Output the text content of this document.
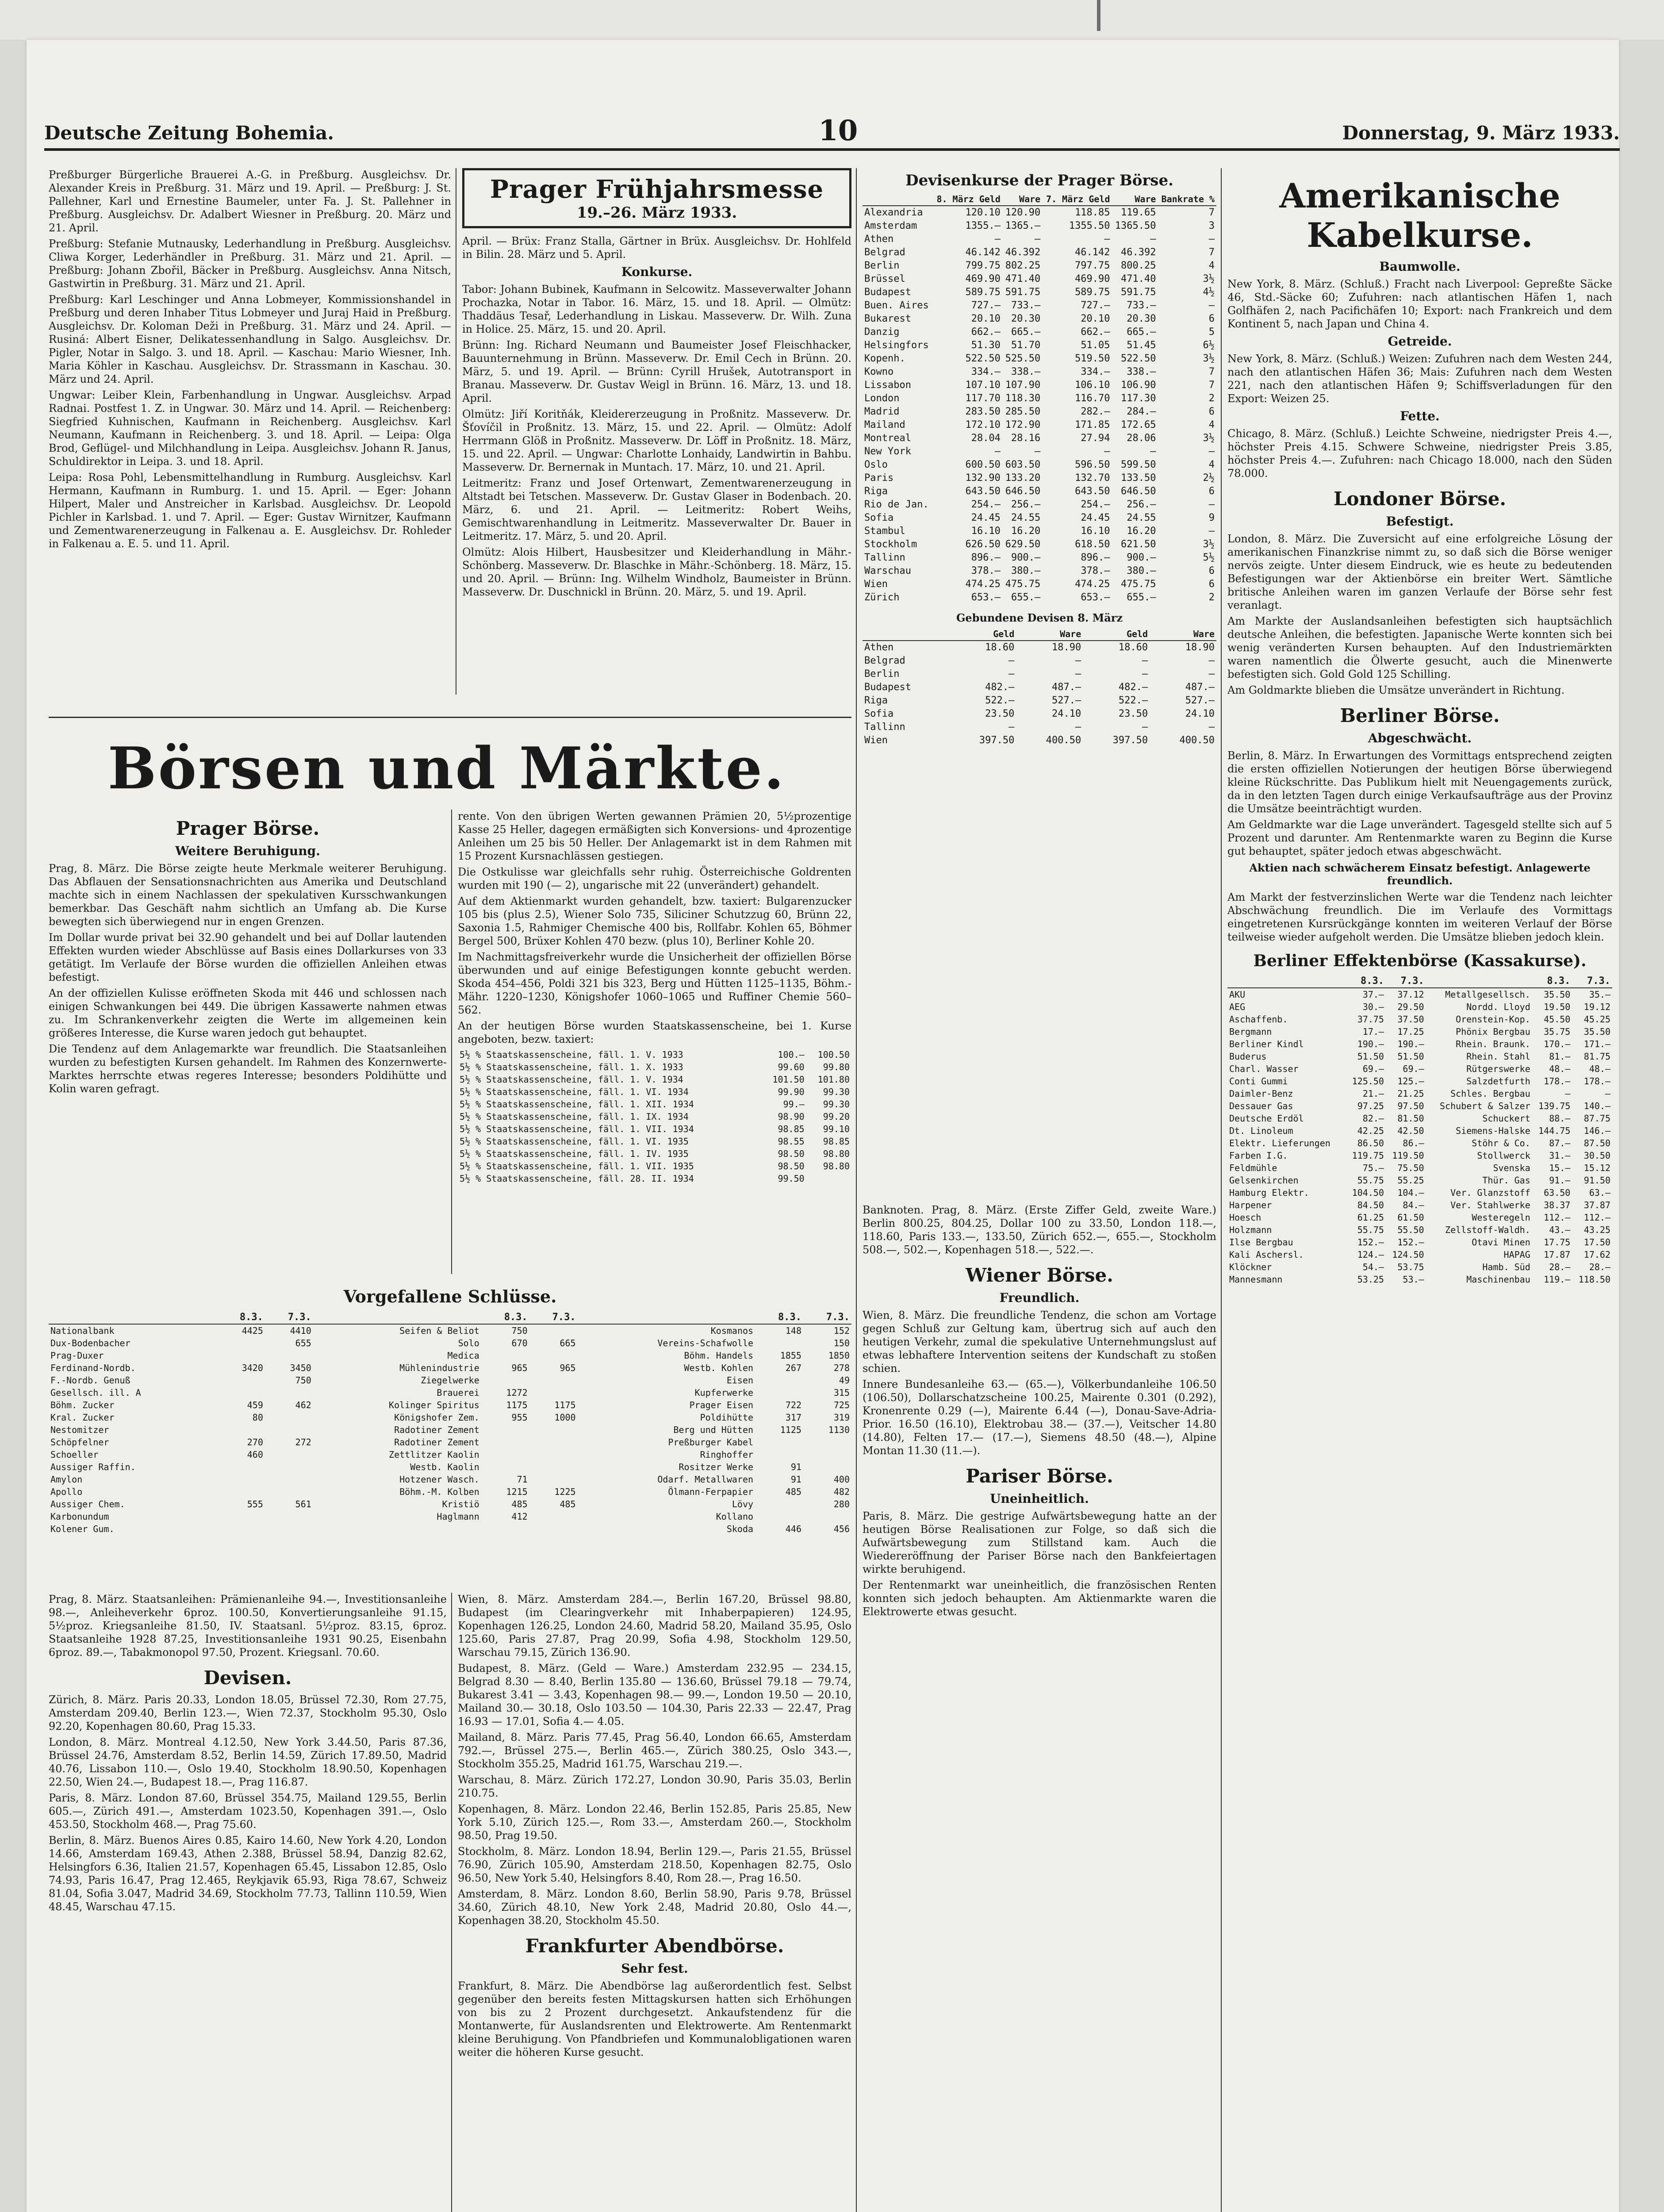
Deutsche Zeitung Bohemia.	10	Donnerstag, 9. März 1933.

Preßburger Bürgerliche Brauerei A.-G. in Preßburg. Ausgleichsv. Dr. Alexander Kreis in Preßburg. 31. März und 19. April. — Preßburg: J. St. Pallehner, Karl und Ernestine Baumeler, unter Fa. J. St. Pallehner in Preßburg. Ausgleichsv. Dr. Adalbert Wiesner in Preßburg. 20. März und 21. April.

Preßburg: Stefanie Mutnausky, Lederhandlung in Preßburg. Ausgleichsv. Cliwa Korger, Lederhändler in Preßburg. 31. März und 21. April. — Preßburg: Johann Zbořil, Bäcker in Preßburg. Ausgleichsv. Anna Nitsch, Gastwirtin in Preßburg. 31. März und 21. April.

Preßburg: Karl Leschinger und Anna Lobmeyer, Kommissionshandel in Preßburg und deren Inhaber Titus Lobmeyer und Juraj Haid in Preßburg. Ausgleichsv. Dr. Koloman Deži in Preßburg. 31. März und 24. April. — Rusiná: Albert Eisner, Delikatessenhandlung in Salgo. Ausgleichsv. Dr. Pigler, Notar in Salgo. 3. und 18. April. — Kaschau: Mario Wiesner, Inh. Maria Köhler in Kaschau. Ausgleichsv. Dr. Strassmann in Kaschau. 30. März und 24. April.

Ungwar: Leiber Klein, Farbenhandlung in Ungwar. Ausgleichsv. Arpad Radnai. Postfest 1. Z. in Ungwar. 30. März und 14. April. — Reichenberg: Siegfried Kuhnischen, Kaufmann in Reichenberg. Ausgleichsv. Karl Neumann, Kaufmann in Reichenberg. 3. und 18. April. — Leipa: Olga Brod, Geflügel- und Milchhandlung in Leipa. Ausgleichsv. Johann R. Janus, Schuldirektor in Leipa. 3. und 18. April.

Leipa: Rosa Pohl, Lebensmittelhandlung in Rumburg. Ausgleichsv. Karl Hermann, Kaufmann in Rumburg. 1. und 15. April. — Eger: Johann Hilpert, Maler und Anstreicher in Karlsbad. Ausgleichsv. Dr. Leopold Pichler in Karlsbad. 1. und 7. April. — Eger: Gustav Wirnitzer, Kaufmann und Zementwarenerzeugung in Falkenau a. E. Ausgleichsv. Dr. Rohleder in Falkenau a. E. 5. und 11. April.

Prager Frühjahrsmesse
19.–26. März 1933.

April. — Brüx: Franz Stalla, Gärtner in Brüx. Ausgleichsv. Dr. Hohlfeld in Bilin. 28. März und 5. April.

Konkurse.

Tabor: Johann Bubinek, Kaufmann in Selcowitz. Masseverwalter Johann Prochazka, Notar in Tabor. 16. März, 15. und 18. April. — Olmütz: Thaddäus Tesař, Lederhandlung in Liskau. Masseverw. Dr. Wilh. Zuna in Holice. 25. März, 15. und 20. April.

Brünn: Ing. Richard Neumann und Baumeister Josef Fleischhacker, Bauunternehmung in Brünn. Masseverw. Dr. Emil Cech in Brünn. 20. März, 5. und 19. April. — Brünn: Cyrill Hrušek, Autotransport in Branau. Masseverw. Dr. Gustav Weigl in Brünn. 16. März, 13. und 18. April.

Olmütz: Jiří Koritňák, Kleidererzeugung in Proßnitz. Masseverw. Dr. Šťovíčil in Proßnitz. 13. März, 15. und 22. April. — Olmütz: Adolf Herrmann Glöß in Proßnitz. Masseverw. Dr. Löff in Proßnitz. 18. März, 15. und 22. April. — Ungwar: Charlotte Lonhaidy, Landwirtin in Bahbu. Masseverw. Dr. Bernernak in Muntach. 17. März, 10. und 21. April.

Leitmeritz: Franz und Josef Ortenwart, Zementwarenerzeugung in Altstadt bei Tetschen. Masseverw. Dr. Gustav Glaser in Bodenbach. 20. März, 6. und 21. April. — Leitmeritz: Robert Weihs, Gemischtwarenhandlung in Leitmeritz. Masseverwalter Dr. Bauer in Leitmeritz. 17. März, 5. und 20. April.

Olmütz: Alois Hilbert, Hausbesitzer und Kleiderhandlung in Mähr.-Schönberg. Masseverw. Dr. Blaschke in Mähr.-Schönberg. 18. März, 15. und 20. April. — Brünn: Ing. Wilhelm Windholz, Baumeister in Brünn. Masseverw. Dr. Duschnickl in Brünn. 20. März, 5. und 19. April.

Devisenkurse der Prager Börse.
	8. März Geld	Ware	7. März Geld	Ware	Bankrate %
Alexandria	120.10	120.90	118.85	119.65	7
Amsterdam	1355.—	1365.—	1355.50	1365.50	3
Athen	—	—	—	—	—
Belgrad	46.142	46.392	46.142	46.392	7
Berlin	799.75	802.25	797.75	800.25	4
Brüssel	469.90	471.40	469.90	471.40	3½
Budapest	589.75	591.75	589.75	591.75	4½
Buen. Aires	727.—	733.—	727.—	733.—	—
Bukarest	20.10	20.30	20.10	20.30	6
Danzig	662.—	665.—	662.—	665.—	5
Helsingfors	51.30	51.70	51.05	51.45	6½
Kopenh.	522.50	525.50	519.50	522.50	3½
Kowno	334.—	338.—	334.—	338.—	7
Lissabon	107.10	107.90	106.10	106.90	7
London	117.70	118.30	116.70	117.30	2
Madrid	283.50	285.50	282.—	284.—	6
Mailand	172.10	172.90	171.85	172.65	4
Montreal	28.04	28.16	27.94	28.06	3½
New York	—	—	—	—	—
Oslo	600.50	603.50	596.50	599.50	4
Paris	132.90	133.20	132.70	133.50	2½
Riga	643.50	646.50	643.50	646.50	6
Rio de Jan.	254.—	256.—	254.—	256.—	—
Sofia	24.45	24.55	24.45	24.55	9
Stambul	16.10	16.20	16.10	16.20	—
Stockholm	626.50	629.50	618.50	621.50	3½
Tallinn	896.—	900.—	896.—	900.—	5½
Warschau	378.—	380.—	378.—	380.—	6
Wien	474.25	475.75	474.25	475.75	6
Zürich	653.—	655.—	653.—	655.—	2
Gebundene Devisen 8. März
	Geld	Ware	Geld	Ware
Athen	18.60	18.90	18.60	18.90
Belgrad	—	—	—	—
Berlin	—	—	—	—
Budapest	482.—	487.—	482.—	487.—
Riga	522.—	527.—	522.—	527.—
Sofia	23.50	24.10	23.50	24.10
Tallinn	—	—	—	—
Wien	397.50	400.50	397.50	400.50

Banknoten. Prag, 8. März. (Erste Ziffer Geld, zweite Ware.) Berlin 800.25, 804.25, Dollar 100 zu 33.50, London 118.—, 118.60, Paris 133.—, 133.50, Zürich 652.—, 655.—, Stockholm 508.—, 502.—, Kopenhagen 518.—, 522.—.

Wiener Börse.
Freundlich.

Wien, 8. März. Die freundliche Tendenz, die schon am Vortage gegen Schluß zur Geltung kam, übertrug sich auf auch den heutigen Verkehr, zumal die spekulative Unternehmungslust auf etwas lebhaftere Intervention seitens der Kundschaft zu stoßen schien.

Innere Bundesanleihe 63.— (65.—), Völkerbundanleihe 106.50 (106.50), Dollarschatzscheine 100.25, Mairente 0.301 (0.292), Kronenrente 0.29 (—), Mairente 6.44 (—), Donau-Save-Adria-Prior. 16.50 (16.10), Elektrobau 38.— (37.—), Veitscher 14.80 (14.80), Felten 17.— (17.—), Siemens 48.50 (48.—), Alpine Montan 11.30 (11.—).

Pariser Börse.
Uneinheitlich.

Paris, 8. März. Die gestrige Aufwärtsbewegung hatte an der heutigen Börse Realisationen zur Folge, so daß sich die Aufwärtsbewegung zum Stillstand kam. Auch die Wiedereröffnung der Pariser Börse nach den Bankfeiertagen wirkte beruhigend.

Der Rentenmarkt war uneinheitlich, die französischen Renten konnten sich jedoch behaupten. Am Aktienmarkte waren die Elektrowerte etwas gesucht.

Amerikanische Kabelkurse.
Baumwolle.

New York, 8. März. (Schluß.) Fracht nach Liverpool: Gepreßte Säcke 46, Std.-Säcke 60; Zufuhren: nach atlantischen Häfen 1, nach Golfhäfen 2, nach Pacifichäfen 10; Export: nach Frankreich und dem Kontinent 5, nach Japan und China 4.

Getreide.

New York, 8. März. (Schluß.) Weizen: Zufuhren nach dem Westen 244, nach den atlantischen Häfen 36; Mais: Zufuhren nach dem Westen 221, nach den atlantischen Häfen 9; Schiffsverladungen für den Export: Weizen 25.

Fette.

Chicago, 8. März. (Schluß.) Leichte Schweine, niedrigster Preis 4.—, höchster Preis 4.15. Schwere Schweine, niedrigster Preis 3.85, höchster Preis 4.—. Zufuhren: nach Chicago 18.000, nach den Süden 78.000.

Londoner Börse.
Befestigt.

London, 8. März. Die Zuversicht auf eine erfolgreiche Lösung der amerikanischen Finanzkrise nimmt zu, so daß sich die Börse weniger nervös zeigte. Unter diesem Eindruck, wie es heute zu bedeutenden Befestigungen war der Aktienbörse ein breiter Wert. Sämtliche britische Anleihen waren im ganzen Verlaufe der Börse sehr fest veranlagt.

Am Markte der Auslandsanleihen befestigten sich hauptsächlich deutsche Anleihen, die befestigten. Japanische Werte konnten sich bei wenig veränderten Kursen behaupten. Auf den Industriemärkten waren namentlich die Ölwerte gesucht, auch die Minenwerte befestigten sich. Gold Gold 125 Schilling.

Am Goldmarkte blieben die Umsätze unverändert in Richtung.

Berliner Börse.
Abgeschwächt.

Berlin, 8. März. In Erwartungen des Vormittags entsprechend zeigten die ersten offiziellen Notierungen der heutigen Börse überwiegend kleine Rückschritte. Das Publikum hielt mit Neuengagements zurück, da in den letzten Tagen durch einige Verkaufsaufträge aus der Provinz die Umsätze beeinträchtigt wurden.

Am Geldmarkte war die Lage unverändert. Tagesgeld stellte sich auf 5 Prozent und darunter. Am Rentenmarkte waren zu Beginn die Kurse gut behauptet, später jedoch etwas abgeschwächt.

Aktien nach schwächerem Einsatz befestigt. Anlagewerte freundlich.

Am Markt der festverzinslichen Werte war die Tendenz nach leichter Abschwächung freundlich. Die im Verlaufe des Vormittags eingetretenen Kursrückgänge konnten im weiteren Verlauf der Börse teilweise wieder aufgeholt werden. Die Umsätze blieben jedoch klein.

Berliner Effektenbörse (Kassakurse).
	8.3.	7.3.		8.3.	7.3.
AKU	37.—	37.12	Metallgesellsch.	35.50	35.—
AEG	30.—	29.50	Nordd. Lloyd	19.50	19.12
Aschaffenb.	37.75	37.50	Orenstein-Kop.	45.50	45.25
Bergmann	17.—	17.25	Phönix Bergbau	35.75	35.50
Berliner Kindl	190.—	190.—	Rhein. Braunk.	170.—	171.—
Buderus	51.50	51.50	Rhein. Stahl	81.—	81.75
Charl. Wasser	69.—	69.—	Rütgerswerke	48.—	48.—
Conti Gummi	125.50	125.—	Salzdetfurth	178.—	178.—
Daimler-Benz	21.—	21.25	Schles. Bergbau	—	—
Dessauer Gas	97.25	97.50	Schubert & Salzer	139.75	140.—
Deutsche Erdöl	82.—	81.50	Schuckert	88.—	87.75
Dt. Linoleum	42.25	42.50	Siemens-Halske	144.75	146.—
Elektr. Lieferungen	86.50	86.—	Stöhr & Co.	87.—	87.50
Farben I.G.	119.75	119.50	Stollwerck	31.—	30.50
Feldmühle	75.—	75.50	Svenska	15.—	15.12
Gelsenkirchen	55.75	55.25	Thür. Gas	91.—	91.50
Hamburg Elektr.	104.50	104.—	Ver. Glanzstoff	63.50	63.—
Harpener	84.50	84.—	Ver. Stahlwerke	38.37	37.87
Hoesch	61.25	61.50	Westeregeln	112.—	112.—
Holzmann	55.75	55.50	Zellstoff-Waldh.	43.—	43.25
Ilse Bergbau	152.—	152.—	Otavi Minen	17.75	17.50
Kali Aschersl.	124.—	124.50	HAPAG	17.87	17.62
Klöckner	54.—	53.75	Hamb. Süd	28.—	28.—
Mannesmann	53.25	53.—	Maschinenbau	119.—	118.50
Börsen und Märkte.
Prager Börse.
Weitere Beruhigung.

Prag, 8. März. Die Börse zeigte heute Merkmale weiterer Beruhigung. Das Abflauen der Sensationsnachrichten aus Amerika und Deutschland machte sich in einem Nachlassen der spekulativen Kursschwankungen bemerkbar. Das Geschäft nahm sichtlich an Umfang ab. Die Kurse bewegten sich überwiegend nur in engen Grenzen.

Im Dollar wurde privat bei 32.90 gehandelt und bei auf Dollar lautenden Effekten wurden wieder Abschlüsse auf Basis eines Dollarkurses von 33 getätigt. Im Verlaufe der Börse wurden die offiziellen Anleihen etwas befestigt.

An der offiziellen Kulisse eröffneten Skoda mit 446 und schlossen nach einigen Schwankungen bei 449. Die übrigen Kassawerte nahmen etwas zu. Im Schrankenverkehr zeigten die Werte im allgemeinen kein größeres Interesse, die Kurse waren jedoch gut behauptet.

Die Tendenz auf dem Anlagemarkte war freundlich. Die Staatsanleihen wurden zu befestigten Kursen gehandelt. Im Rahmen des Konzernwerte-Marktes herrschte etwas regeres Interesse; besonders Poldihütte und Kolin waren gefragt.

rente. Von den übrigen Werten gewannen Prämien 20, 5½prozentige Kasse 25 Heller, dagegen ermäßigten sich Konversions- und 4prozentige Anleihen um 25 bis 50 Heller. Der Anlagemarkt ist in dem Rahmen mit 15 Prozent Kursnachlässen gestiegen.

Die Ostkulisse war gleichfalls sehr ruhig. Österreichische Goldrenten wurden mit 190 (— 2), ungarische mit 22 (unverändert) gehandelt.

Auf dem Aktienmarkt wurden gehandelt, bzw. taxiert: Bulgarenzucker 105 bis (plus 2.5), Wiener Solo 735, Siliciner Schutzzug 60, Brünn 22, Saxonia 1.5, Rahmiger Chemische 400 bis, Rollfabr. Kohlen 65, Böhmer Bergel 500, Brüxer Kohlen 470 bezw. (plus 10), Berliner Kohle 20.

Im Nachmittagsfreiverkehr wurde die Unsicherheit der offiziellen Börse überwunden und auf einige Befestigungen konnte gebucht werden. Skoda 454–456, Poldi 321 bis 323, Berg und Hütten 1125–1135, Böhm.-Mähr. 1220–1230, Königshofer 1060–1065 und Ruffiner Chemie 560–562.

An der heutigen Börse wurden Staatskassenscheine, bei 1. Kurse angeboten, bezw. taxiert:

5½ % Staatskassenscheine, fäll. 1. V. 1933	100.—	100.50
5½ % Staatskassenscheine, fäll. 1. X. 1933	99.60	99.80
5½ % Staatskassenscheine, fäll. 1. V. 1934	101.50	101.80
5½ % Staatskassenscheine, fäll. 1. VI. 1934	99.90	99.30
5½ % Staatskassenscheine, fäll. 1. XII. 1934	99.—	99.30
5½ % Staatskassenscheine, fäll. 1. IX. 1934	98.90	99.20
5½ % Staatskassenscheine, fäll. 1. VII. 1934	98.85	99.10
5½ % Staatskassenscheine, fäll. 1. VI. 1935	98.55	98.85
5½ % Staatskassenscheine, fäll. 1. IV. 1935	98.50	98.80
5½ % Staatskassenscheine, fäll. 1. VII. 1935	98.50	98.80
5½ % Staatskassenscheine, fäll. 28. II. 1934	99.50	
Vorgefallene Schlüsse.
	8.3.	7.3.		8.3.	7.3.		8.3.	7.3.
Nationalbank	4425	4410	Seifen & Beliot	750		Kosmanos	148	152
Dux-Bodenbacher		655	Solo	670	665	Vereins-Schafwolle		150
Prag-Duxer			Medica			Böhm. Handels	1855	1850
Ferdinand-Nordb.	3420	3450	Mühlenindustrie	965	965	Westb. Kohlen	267	278
F.-Nordb. Genuß		750	Ziegelwerke			Eisen		49
Gesellsch. ill. A			Brauerei	1272		Kupferwerke		315
Böhm. Zucker	459	462	Kolinger Spiritus	1175	1175	Prager Eisen	722	725
Kral. Zucker	80		Königshofer Zem.	955	1000	Poldihütte	317	319
Nestomitzer			Radotiner Zement			Berg und Hütten	1125	1130
Schöpfelner	270	272	Radotiner Zement			Preßburger Kabel		
Schoeller	460		Zettlitzer Kaolin			Ringhoffer		
Aussiger Raffin.			Westb. Kaolin			Rositzer Werke	91	
Amylon			Hotzener Wasch.	71		Odarf. Metallwaren	91	400
Apollo			Böhm.-M. Kolben	1215	1225	Ölmann-Ferpapier	485	482
Aussiger Chem.	555	561	Kristiö	485	485	Lövy		280
Karbonundum			Haglmann	412		Kollano		
Kolener Gum.						Skoda	446	456

Prag, 8. März. Staatsanleihen: Prämienanleihe 94.—, Investitionsanleihe 98.—, Anleiheverkehr 6proz. 100.50, Konvertierungsanleihe 91.15, 5½proz. Kriegsanleihe 81.50, IV. Staatsanl. 5½proz. 83.15, 6proz. Staatsanleihe 1928 87.25, Investitionsanleihe 1931 90.25, Eisenbahn 6proz. 89.—, Tabakmonopol 97.50, Prozent. Kriegsanl. 70.60.

Devisen.

Zürich, 8. März. Paris 20.33, London 18.05, Brüssel 72.30, Rom 27.75, Amsterdam 209.40, Berlin 123.—, Wien 72.37, Stockholm 95.30, Oslo 92.20, Kopenhagen 80.60, Prag 15.33.

London, 8. März. Montreal 4.12.50, New York 3.44.50, Paris 87.36, Brüssel 24.76, Amsterdam 8.52, Berlin 14.59, Zürich 17.89.50, Madrid 40.76, Lissabon 110.—, Oslo 19.40, Stockholm 18.90.50, Kopenhagen 22.50, Wien 24.—, Budapest 18.—, Prag 116.87.

Paris, 8. März. London 87.60, Brüssel 354.75, Mailand 129.55, Berlin 605.—, Zürich 491.—, Amsterdam 1023.50, Kopenhagen 391.—, Oslo 453.50, Stockholm 468.—, Prag 75.60.

Berlin, 8. März. Buenos Aires 0.85, Kairo 14.60, New York 4.20, London 14.66, Amsterdam 169.43, Athen 2.388, Brüssel 58.94, Danzig 82.62, Helsingfors 6.36, Italien 21.57, Kopenhagen 65.45, Lissabon 12.85, Oslo 74.93, Paris 16.47, Prag 12.465, Reykjavik 65.93, Riga 78.67, Schweiz 81.04, Sofia 3.047, Madrid 34.69, Stockholm 77.73, Tallinn 110.59, Wien 48.45, Warschau 47.15.

Wien, 8. März. Amsterdam 284.—, Berlin 167.20, Brüssel 98.80, Budapest (im Clearingverkehr mit Inhaberpapieren) 124.95, Kopenhagen 126.25, London 24.60, Madrid 58.20, Mailand 35.95, Oslo 125.60, Paris 27.87, Prag 20.99, Sofia 4.98, Stockholm 129.50, Warschau 79.15, Zürich 136.90.

Budapest, 8. März. (Geld — Ware.) Amsterdam 232.95 — 234.15, Belgrad 8.30 — 8.40, Berlin 135.80 — 136.60, Brüssel 79.18 — 79.74, Bukarest 3.41 — 3.43, Kopenhagen 98.— 99.—, London 19.50 — 20.10, Mailand 30.— 30.18, Oslo 103.50 — 104.30, Paris 22.33 — 22.47, Prag 16.93 — 17.01, Sofia 4.— 4.05.

Mailand, 8. März. Paris 77.45, Prag 56.40, London 66.65, Amsterdam 792.—, Brüssel 275.—, Berlin 465.—, Zürich 380.25, Oslo 343.—, Stockholm 355.25, Madrid 161.75, Warschau 219.—.

Warschau, 8. März. Zürich 172.27, London 30.90, Paris 35.03, Berlin 210.75.

Kopenhagen, 8. März. London 22.46, Berlin 152.85, Paris 25.85, New York 5.10, Zürich 125.—, Rom 33.—, Amsterdam 260.—, Stockholm 98.50, Prag 19.50.

Stockholm, 8. März. London 18.94, Berlin 129.—, Paris 21.55, Brüssel 76.90, Zürich 105.90, Amsterdam 218.50, Kopenhagen 82.75, Oslo 96.50, New York 5.40, Helsingfors 8.40, Rom 28.—, Prag 16.50.

Amsterdam, 8. März. London 8.60, Berlin 58.90, Paris 9.78, Brüssel 34.60, Zürich 48.10, New York 2.48, Madrid 20.80, Oslo 44.—, Kopenhagen 38.20, Stockholm 45.50.

Frankfurter Abendbörse.
Sehr fest.

Frankfurt, 8. März. Die Abendbörse lag außerordentlich fest. Selbst gegenüber den bereits festen Mittagskursen hatten sich Erhöhungen von bis zu 2 Prozent durchgesetzt. Ankaufstendenz für die Montanwerte, für Auslandsrenten und Elektrowerte. Am Rentenmarkt kleine Beruhigung. Von Pfandbriefen und Kommunalobligationen waren weiter die höheren Kurse gesucht.
